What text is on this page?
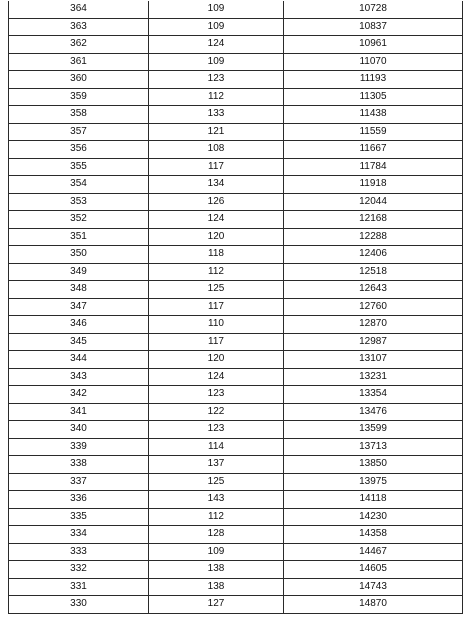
364	109	10728
363	109	10837
362	124	10961
361	109	11070
360	123	11193
359	112	11305
358	133	11438
357	121	11559
356	108	11667
355	117	11784
354	134	11918
353	126	12044
352	124	12168
351	120	12288
350	118	12406
349	112	12518
348	125	12643
347	117	12760
346	110	12870
345	117	12987
344	120	13107
343	124	13231
342	123	13354
341	122	13476
340	123	13599
339	114	13713
338	137	13850
337	125	13975
336	143	14118
335	112	14230
334	128	14358
333	109	14467
332	138	14605
331	138	14743
330	127	14870
